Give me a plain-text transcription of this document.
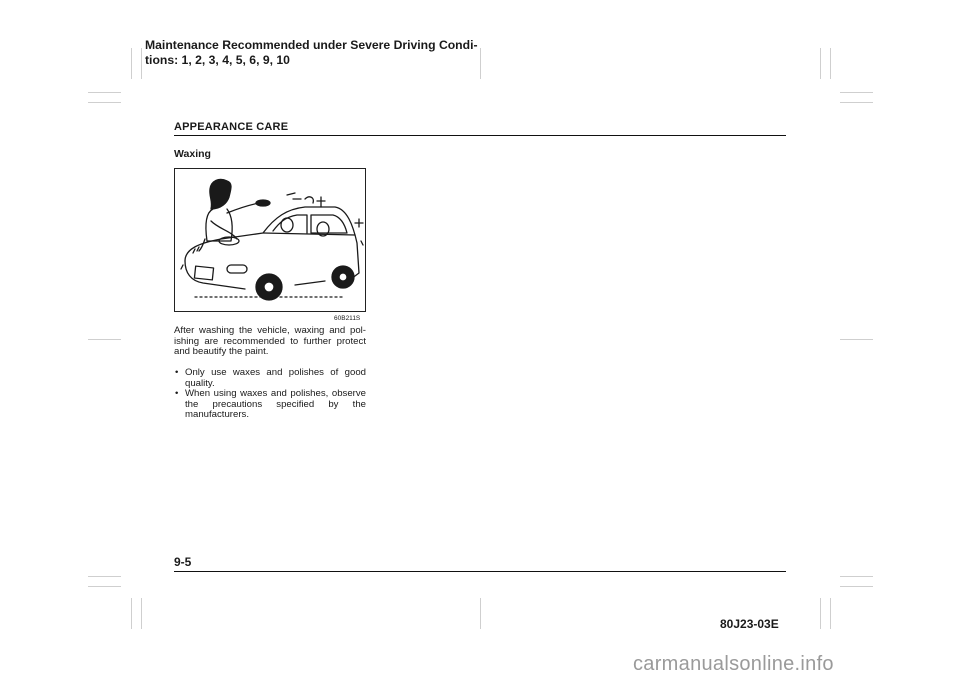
Maintenance Recommended under Severe Driving Condi-
tions: 1, 2, 3, 4, 5, 6, 9, 10
APPEARANCE CARE
Waxing
60B211S

After washing the vehicle, waxing and pol-ishing are recommended to further protect and beautify the paint.

• Only use waxes and polishes of good quality.
• When using waxes and polishes, observe the precautions specified by the manufacturers.
9-5
80J23-03E
carmanualsonline.info
